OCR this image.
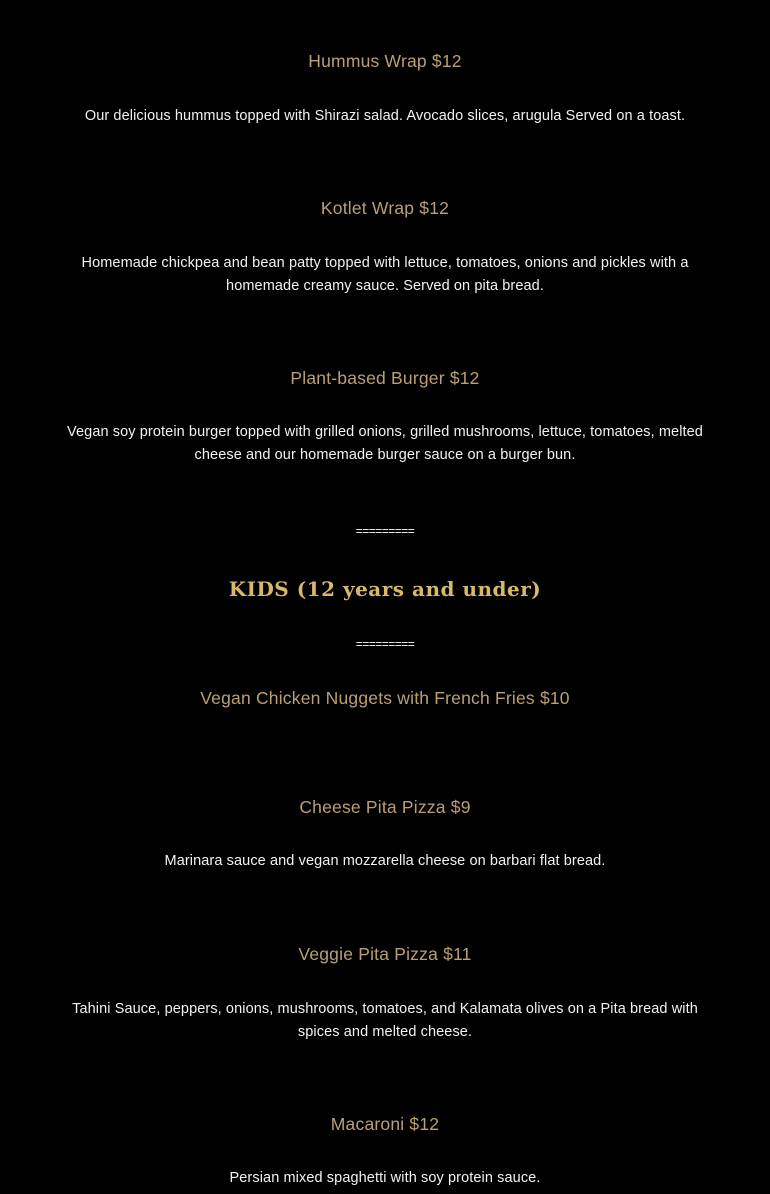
Hummus Wrap $12
Our delicious hummus topped with Shirazi salad. Avocado slices, arugula Served on a toast.
Kotlet Wrap $12
Homemade chickpea and bean patty topped with lettuce, tomatoes, onions and pickles with a
homemade creamy sauce. Served on pita bread.
Plant-based Burger $12
Vegan soy protein burger topped with grilled onions, grilled mushrooms, lettuce, tomatoes, melted
cheese and our homemade burger sauce on a burger bun.
=========
KIDS (12 years and under)
=========
Vegan Chicken Nuggets with French Fries $10
Cheese Pita Pizza $9
Marinara sauce and vegan mozzarella cheese on barbari flat bread.
Veggie Pita Pizza $11
Tahini Sauce, peppers, onions, mushrooms, tomatoes, and Kalamata olives on a Pita bread with
spices and melted cheese.
Macaroni $12
Persian mixed spaghetti with soy protein sauce.
